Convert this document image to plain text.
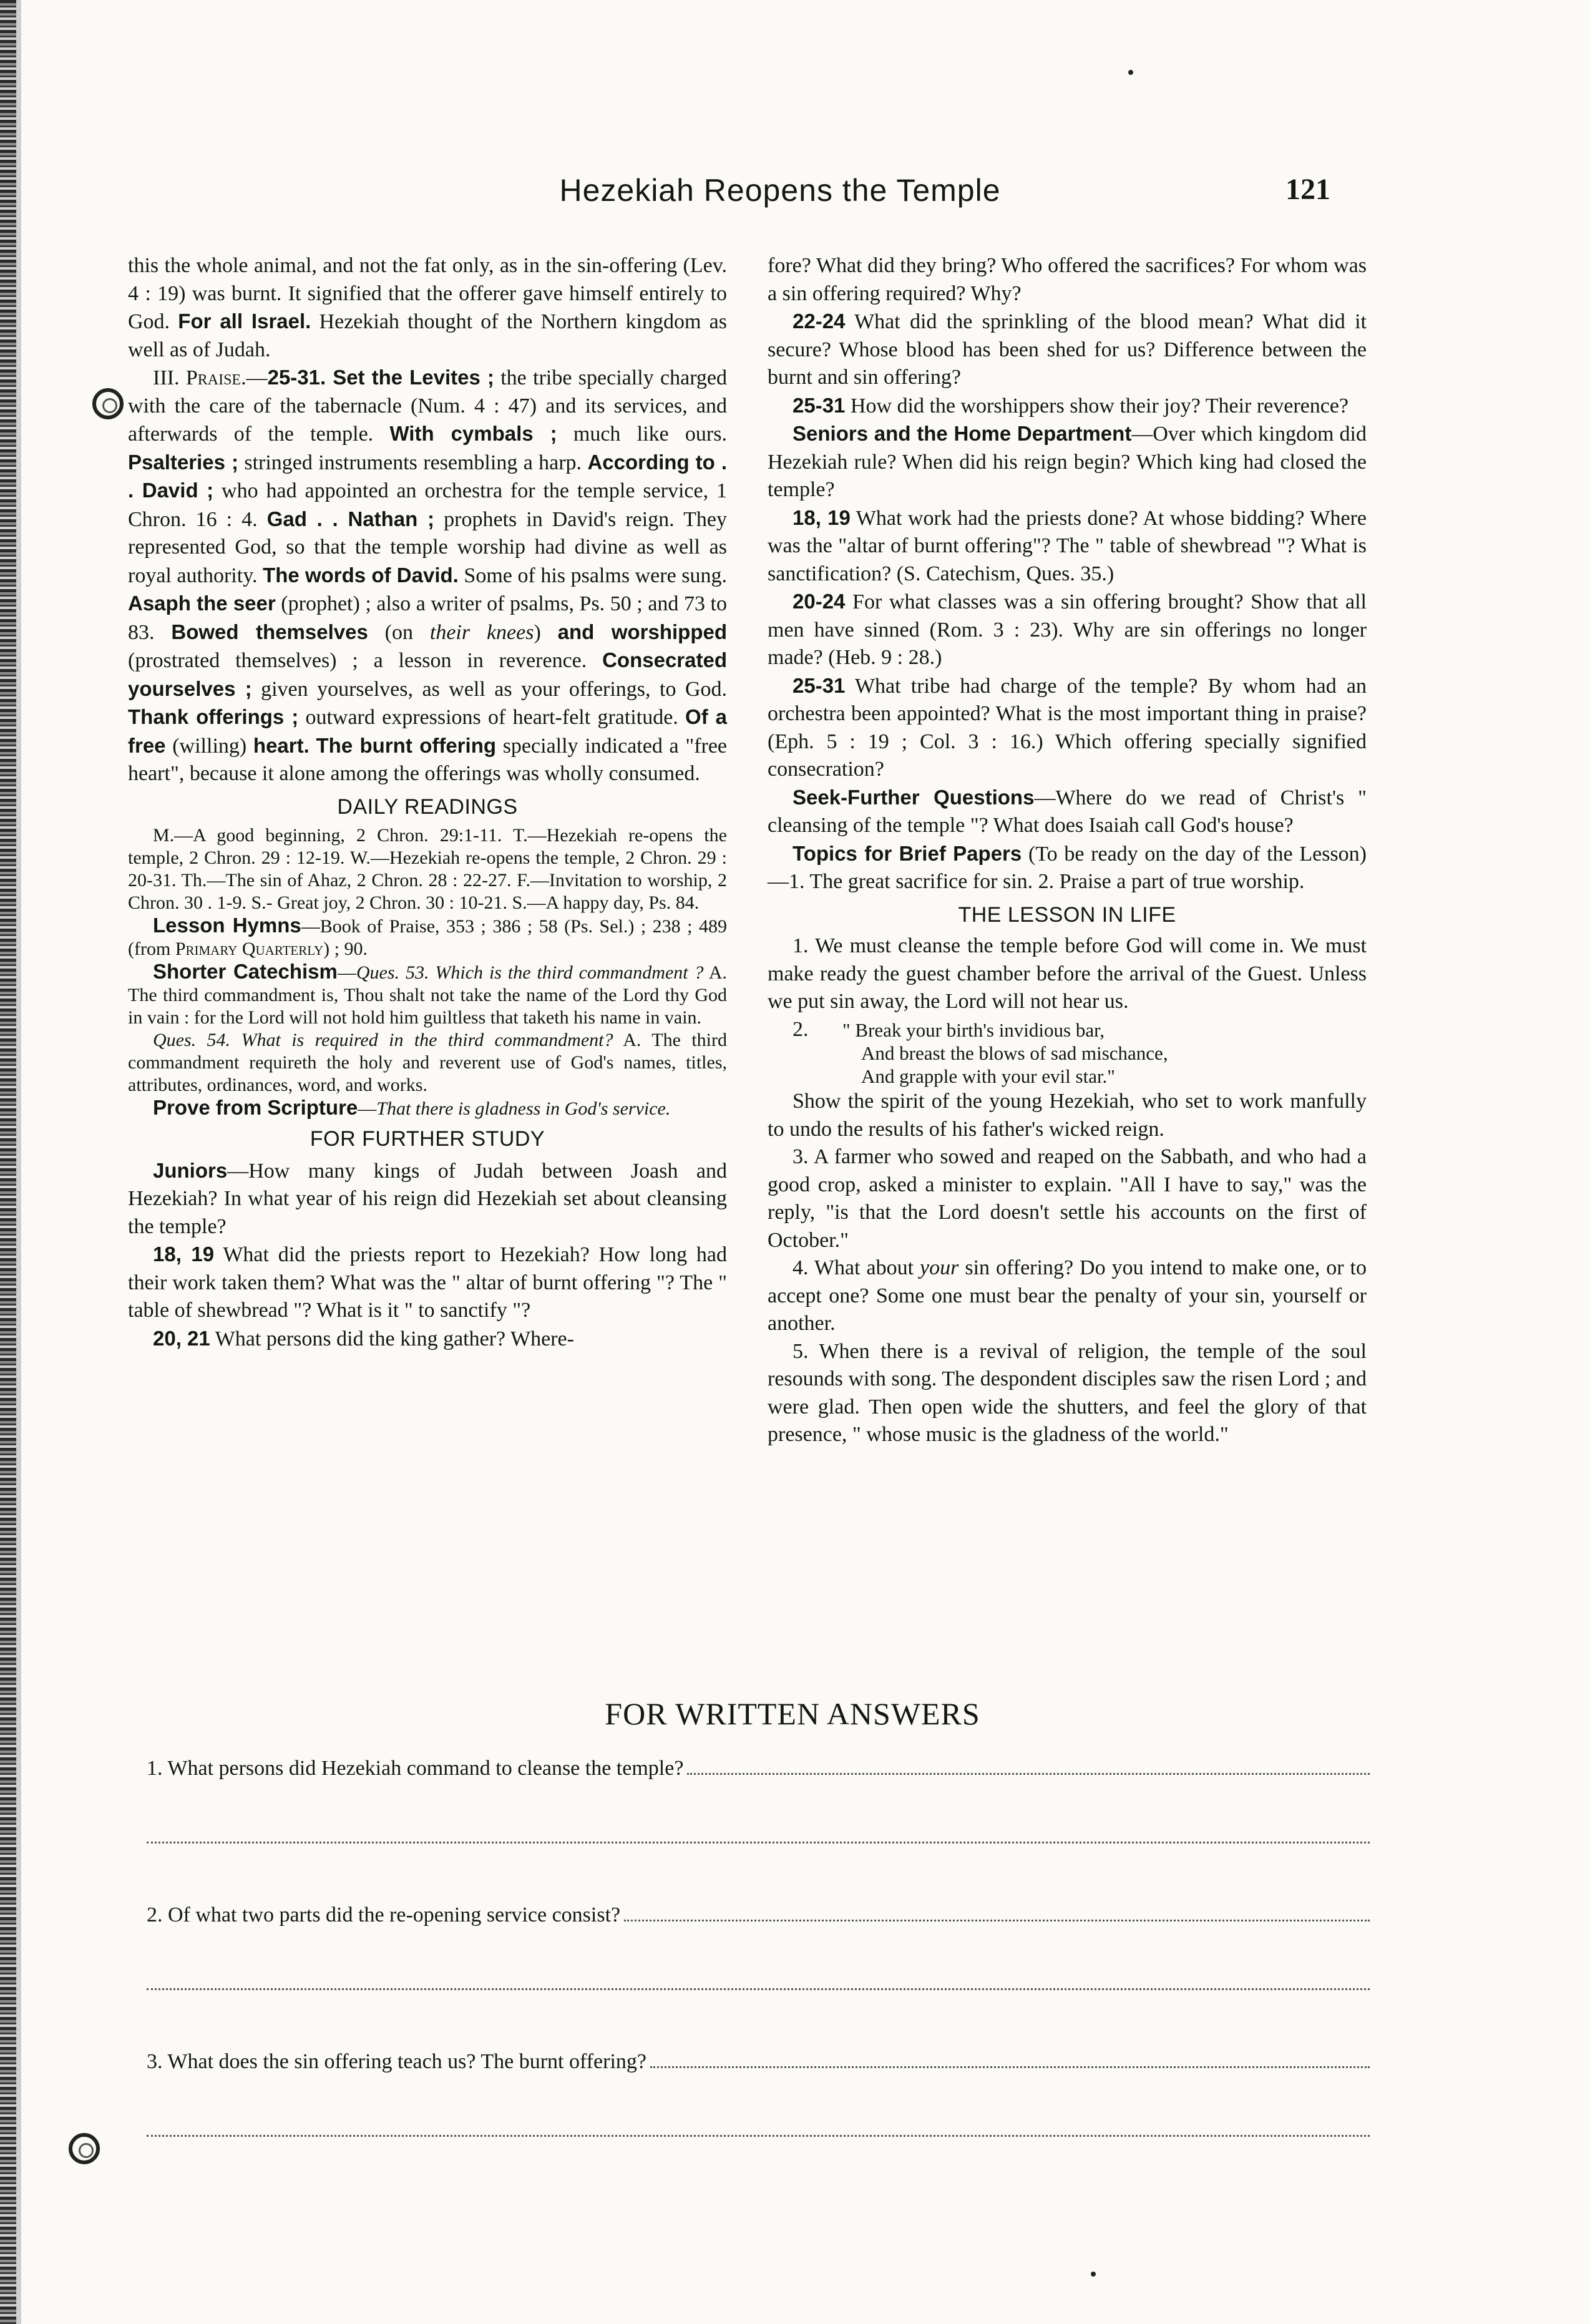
Hezekiah Reopens the Temple	121

this the whole animal, and not the fat only, as in the sin-offering (Lev. 4 : 19) was burnt. It signified that the offerer gave himself entirely to God. For all Israel. Hezekiah thought of the Northern kingdom as well as of Judah.

III. Praise.—25-31. Set the Levites ; the tribe specially charged with the care of the tabernacle (Num. 4 : 47) and its services, and afterwards of the temple. With cymbals ; much like ours. Psalteries ; stringed instruments resembling a harp. According to . . David ; who had appointed an orchestra for the temple service, 1 Chron. 16 : 4. Gad . . Nathan ; prophets in David's reign. They represented God, so that the temple worship had divine as well as royal authority. The words of David. Some of his psalms were sung. Asaph the seer (prophet) ; also a writer of psalms, Ps. 50 ; and 73 to 83. Bowed themselves (on their knees) and worshipped (prostrated themselves) ; a lesson in reverence. Consecrated yourselves ; given yourselves, as well as your offerings, to God. Thank offerings ; outward expressions of heart-felt gratitude. Of a free (willing) heart. The burnt offering specially indicated a "free heart", because it alone among the offerings was wholly consumed.

DAILY READINGS

M.—A good beginning, 2 Chron. 29:1-11. T.—Hezekiah re-opens the temple, 2 Chron. 29 : 12-19. W.—Hezekiah re-opens the temple, 2 Chron. 29 : 20-31. Th.—The sin of Ahaz, 2 Chron. 28 : 22-27. F.—Invitation to worship, 2 Chron. 30 . 1-9. S.- Great joy, 2 Chron. 30 : 10-21. S.—A happy day, Ps. 84.

Lesson Hymns—Book of Praise, 353 ; 386 ; 58 (Ps. Sel.) ; 238 ; 489 (from Primary Quarterly) ; 90.

Shorter Catechism—Ques. 53. Which is the third commandment ? A. The third commandment is, Thou shalt not take the name of the Lord thy God in vain : for the Lord will not hold him guiltless that taketh his name in vain.

Ques. 54. What is required in the third commandment? A. The third commandment requireth the holy and reverent use of God's names, titles, attributes, ordinances, word, and works.

Prove from Scripture—That there is gladness in God's service.

FOR FURTHER STUDY

Juniors—How many kings of Judah between Joash and Hezekiah? In what year of his reign did Hezekiah set about cleansing the temple?

18, 19 What did the priests report to Hezekiah? How long had their work taken them? What was the " altar of burnt offering "? The " table of shewbread "? What is it " to sanctify "?

20, 21 What persons did the king gather? Where-

fore? What did they bring? Who offered the sacrifices? For whom was a sin offering required? Why?

22-24 What did the sprinkling of the blood mean? What did it secure? Whose blood has been shed for us? Difference between the burnt and sin offering?

25-31 How did the worshippers show their joy? Their reverence?

Seniors and the Home Department—Over which kingdom did Hezekiah rule? When did his reign begin? Which king had closed the temple?

18, 19 What work had the priests done? At whose bidding? Where was the "altar of burnt offering"? The " table of shewbread "? What is sanctification? (S. Catechism, Ques. 35.)

20-24 For what classes was a sin offering brought? Show that all men have sinned (Rom. 3 : 23). Why are sin offerings no longer made? (Heb. 9 : 28.)

25-31 What tribe had charge of the temple? By whom had an orchestra been appointed? What is the most important thing in praise? (Eph. 5 : 19 ; Col. 3 : 16.) Which offering specially signified consecration?

Seek-Further Questions—Where do we read of Christ's " cleansing of the temple "? What does Isaiah call God's house?

Topics for Brief Papers (To be ready on the day of the Lesson)—1. The great sacrifice for sin. 2. Praise a part of true worship.

THE LESSON IN LIFE

1. We must cleanse the temple before God will come in. We must make ready the guest chamber before the arrival of the Guest. Unless we put sin away, the Lord will not hear us.

2.	" Break your birth's invidious bar,

And breast the blows of sad mischance,

And grapple with your evil star."

Show the spirit of the young Hezekiah, who set to work manfully to undo the results of his father's wicked reign.

3. A farmer who sowed and reaped on the Sabbath, and who had a good crop, asked a minister to explain. "All I have to say," was the reply, "is that the Lord doesn't settle his accounts on the first of October."

4. What about your sin offering? Do you intend to make one, or to accept one? Some one must bear the penalty of your sin, yourself or another.

5. When there is a revival of religion, the temple of the soul resounds with song. The despondent disciples saw the risen Lord ; and were glad. Then open wide the shutters, and feel the glory of that presence, " whose music is the gladness of the world."

FOR WRITTEN ANSWERS
1. What persons did Hezekiah command to cleanse the temple?
2. Of what two parts did the re-opening service consist?
3. What does the sin offering teach us? The burnt offering?
